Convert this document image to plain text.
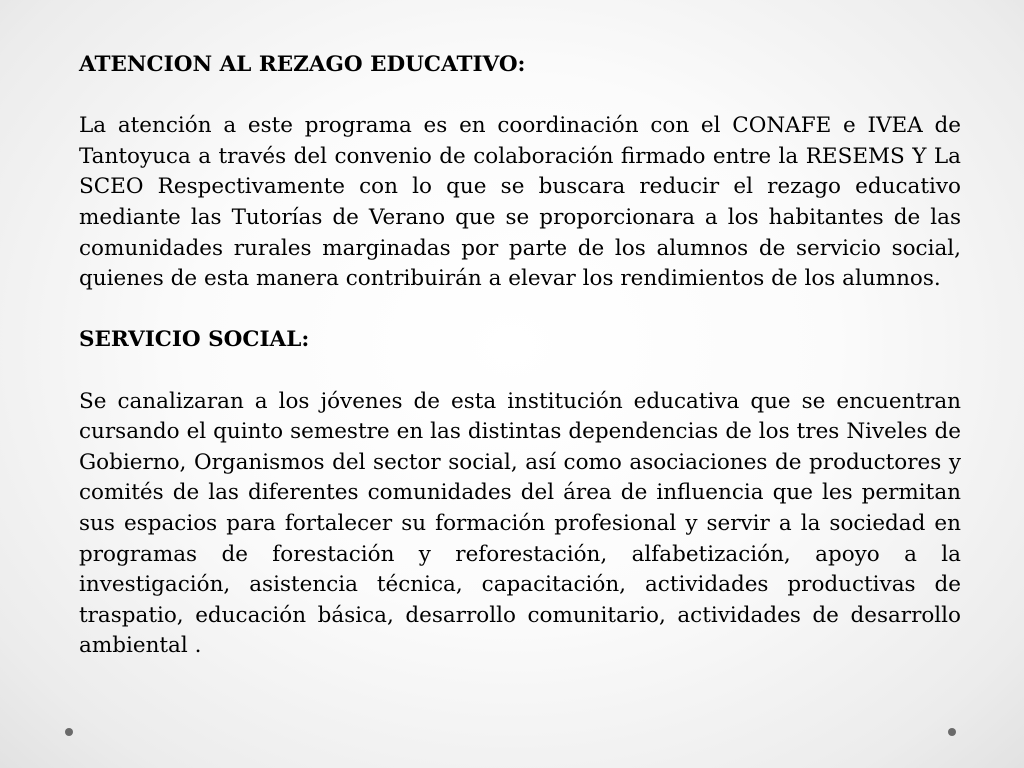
ATENCION AL REZAGO EDUCATIVO:

La atención a este programa es en coordinación con el CONAFE e IVEA de Tantoyuca a través del convenio de colaboración firmado entre la RESEMS Y La SCEO Respectivamente con lo que se buscara reducir el rezago educativo mediante las Tutorías de Verano que se proporcionara a los habitantes de las comunidades rurales marginadas por parte de los alumnos de servicio social, quienes de esta manera contribuirán a elevar los rendimientos de los alumnos.

SERVICIO SOCIAL:

Se canalizaran a los jóvenes de esta institución educativa que se encuentran cursando el quinto semestre en las distintas dependencias de los tres Niveles de Gobierno, Organismos del sector social, así como asociaciones de productores y comités de las diferentes comunidades del área de influencia que les permitan sus espacios para fortalecer su formación profesional y servir a la sociedad en programas de forestación y reforestación, alfabetización, apoyo a la investigación, asistencia técnica, capacitación, actividades productivas de traspatio, educación básica, desarrollo comunitario, actividades de desarrollo ambiental .
